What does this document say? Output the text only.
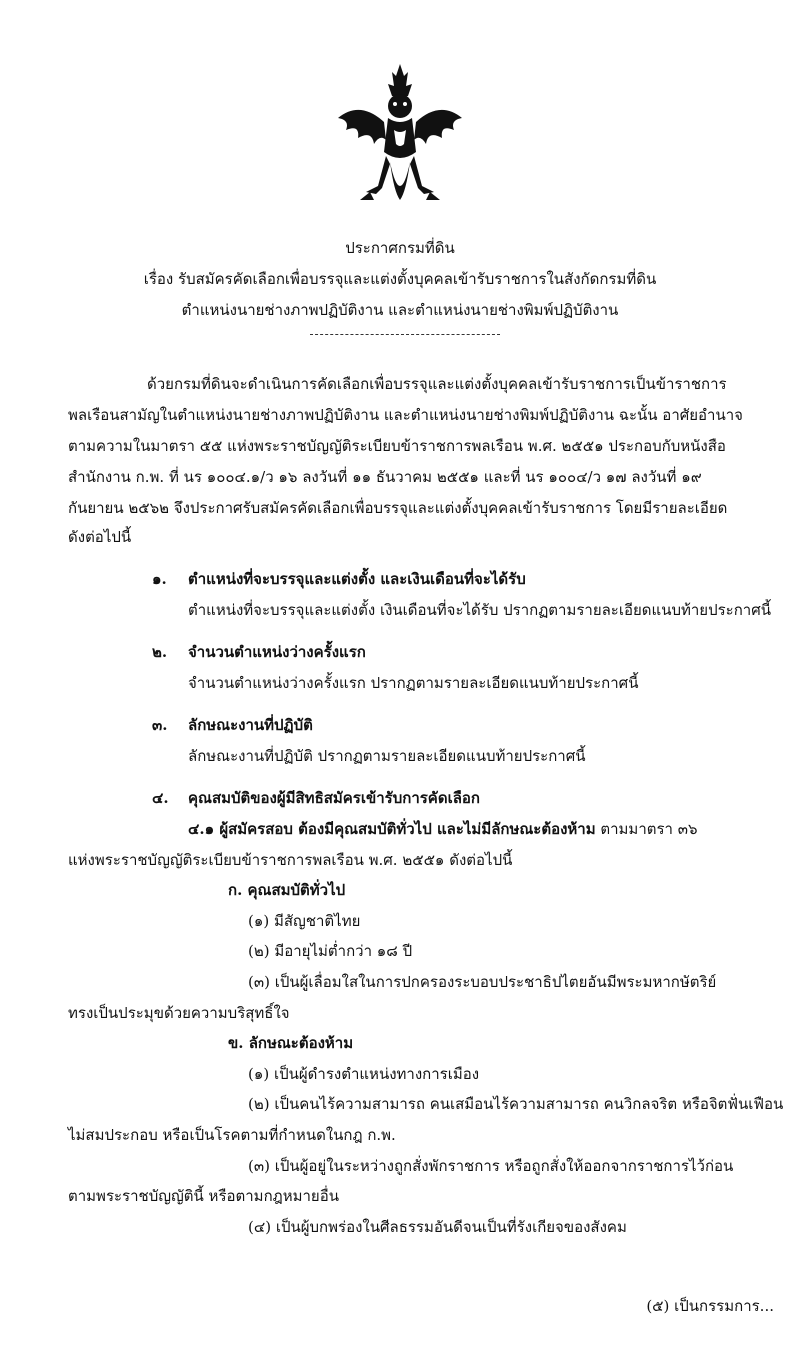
ประกาศกรมที่ดิน
เรื่อง รับสมัครคัดเลือกเพื่อบรรจุและแต่งตั้งบุคคลเข้ารับราชการในสังกัดกรมที่ดิน
ตำแหน่งนายช่างภาพปฏิบัติงาน และตำแหน่งนายช่างพิมพ์ปฏิบัติงาน
ด้วยกรมที่ดินจะดำเนินการคัดเลือกเพื่อบรรจุและแต่งตั้งบุคคลเข้ารับราชการเป็นข้าราชการ
พลเรือนสามัญในตำแหน่งนายช่างภาพปฏิบัติงาน และตำแหน่งนายช่างพิมพ์ปฏิบัติงาน ฉะนั้น อาศัยอำนาจ
ตามความในมาตรา ๕๕ แห่งพระราชบัญญัติระเบียบข้าราชการพลเรือน พ.ศ. ๒๕๕๑ ประกอบกับหนังสือ
สำนักงาน ก.พ. ที่ นร ๑๐๐๔.๑/ว ๑๖ ลงวันที่ ๑๑ ธันวาคม ๒๕๕๑ และที่ นร ๑๐๐๔/ว ๑๗ ลงวันที่ ๑๙
กันยายน ๒๕๖๒ จึงประกาศรับสมัครคัดเลือกเพื่อบรรจุและแต่งตั้งบุคคลเข้ารับราชการ โดยมีรายละเอียด
ดังต่อไปนี้
๑. ตำแหน่งที่จะบรรจุและแต่งตั้ง และเงินเดือนที่จะได้รับ
ตำแหน่งที่จะบรรจุและแต่งตั้ง เงินเดือนที่จะได้รับ ปรากฏตามรายละเอียดแนบท้ายประกาศนี้
๒. จำนวนตำแหน่งว่างครั้งแรก
จำนวนตำแหน่งว่างครั้งแรก ปรากฏตามรายละเอียดแนบท้ายประกาศนี้
๓. ลักษณะงานที่ปฏิบัติ
ลักษณะงานที่ปฏิบัติ ปรากฏตามรายละเอียดแนบท้ายประกาศนี้
๔. คุณสมบัติของผู้มีสิทธิสมัครเข้ารับการคัดเลือก
๔.๑ ผู้สมัครสอบ ต้องมีคุณสมบัติทั่วไป และไม่มีลักษณะต้องห้าม ตามมาตรา ๓๖
แห่งพระราชบัญญัติระเบียบข้าราชการพลเรือน พ.ศ. ๒๕๕๑ ดังต่อไปนี้
ก. คุณสมบัติทั่วไป
(๑) มีสัญชาติไทย
(๒) มีอายุไม่ต่ำกว่า ๑๘ ปี
(๓) เป็นผู้เลื่อมใสในการปกครองระบอบประชาธิปไตยอันมีพระมหากษัตริย์
ทรงเป็นประมุขด้วยความบริสุทธิ์ใจ
ข. ลักษณะต้องห้าม
(๑) เป็นผู้ดำรงตำแหน่งทางการเมือง
(๒) เป็นคนไร้ความสามารถ คนเสมือนไร้ความสามารถ คนวิกลจริต หรือจิตฟั่นเฟือน
ไม่สมประกอบ หรือเป็นโรคตามที่กำหนดในกฎ ก.พ.
(๓) เป็นผู้อยู่ในระหว่างถูกสั่งพักราชการ หรือถูกสั่งให้ออกจากราชการไว้ก่อน
ตามพระราชบัญญัตินี้ หรือตามกฎหมายอื่น
(๔) เป็นผู้บกพร่องในศีลธรรมอันดีจนเป็นที่รังเกียจของสังคม
(๕) เป็นกรรมการ...
